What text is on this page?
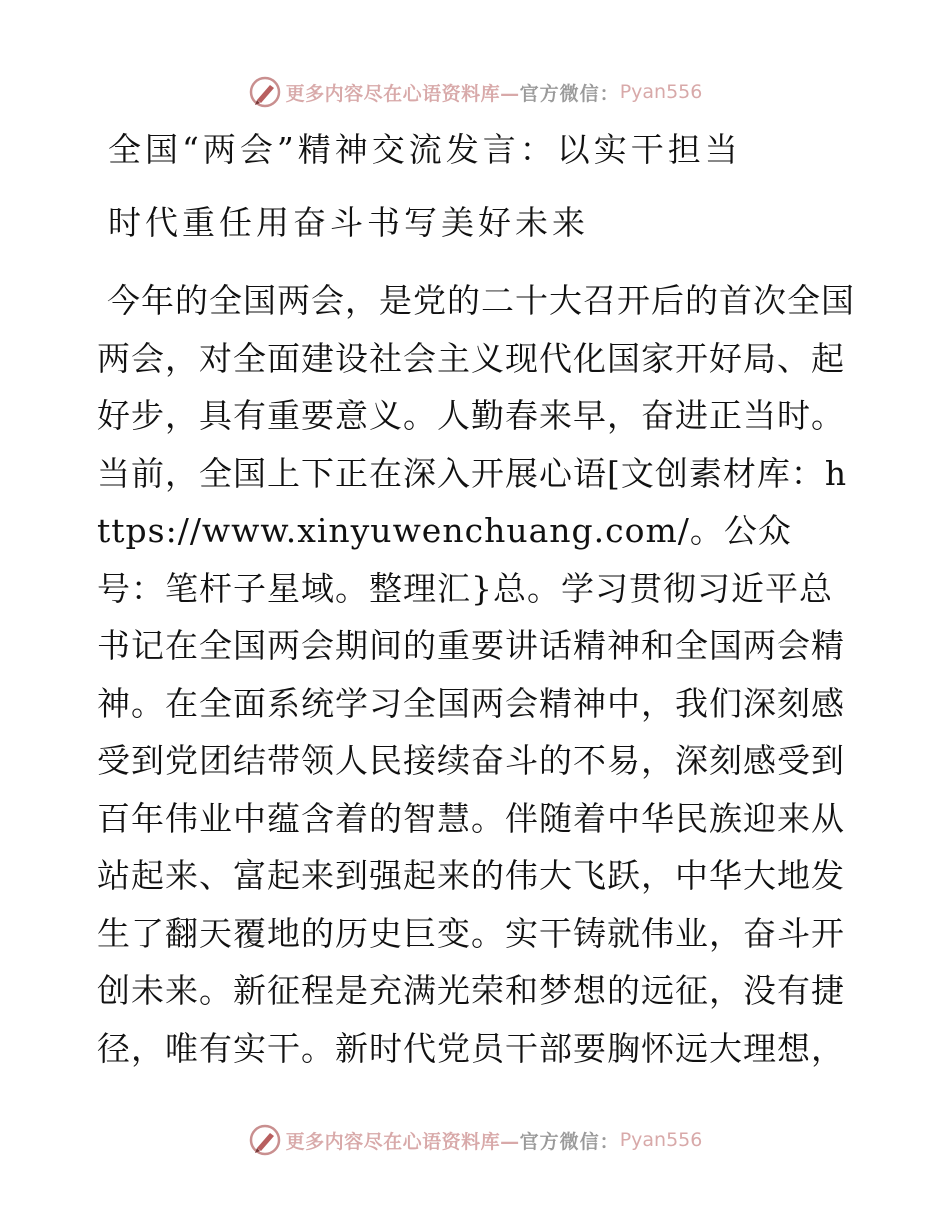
更多内容尽在心语资料库— 官方微信： Pyan556
全国“两会”精神交流发言：以实干担当
时代重任用奋斗书写美好未来

今年的全国两会，是党的二十大召开后的首次全国两会，对全面建设社会主义现代化国家开好局、起好步，具有重要意义。人勤春来早，奋进正当时。当前，全国上下正在深入开展心语[文创素材库：https://www.xinyuwenchuang.com/。公众号：笔杆子星域。整理汇}总。学习贯彻习近平总书记在全国两会期间的重要讲话精神和全国两会精神。在全面系统学习全国两会精神中，我们深刻感受到党团结带领人民接续奋斗的不易，深刻感受到百年伟业中蕴含着的智慧。伴随着中华民族迎来从站起来、富起来到强起来的伟大飞跃，中华大地发生了翻天覆地的历史巨变。实干铸就伟业，奋斗开创未来。新征程是充满光荣和梦想的远征，没有捷径，唯有实干。新时代党员干部要胸怀远大理想，

更多内容尽在心语资料库— 官方微信： Pyan556
